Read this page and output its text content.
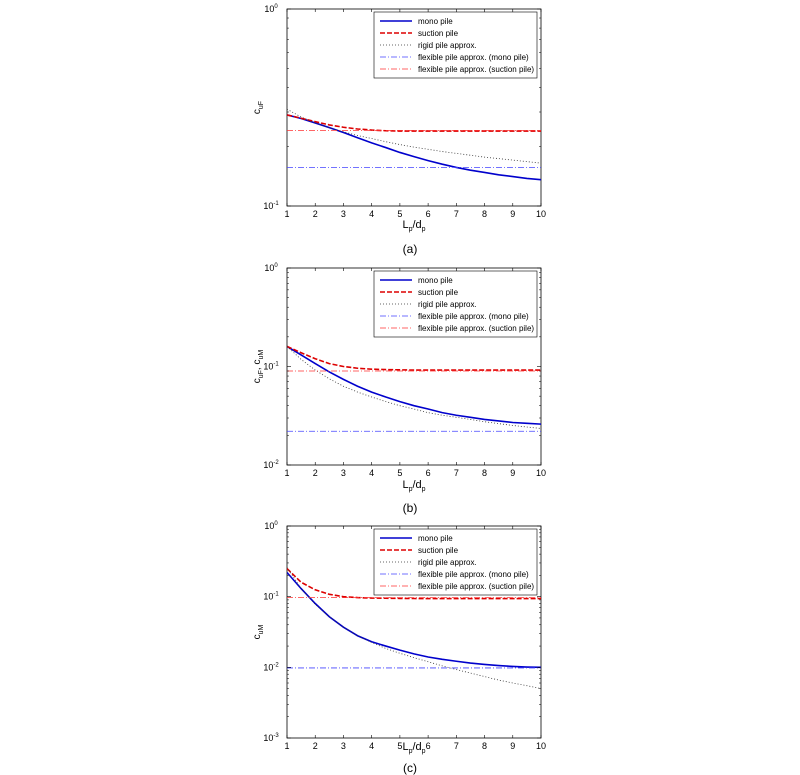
1	2	3	4	5	6	7	8	9 10
$10^{-1}$
$10^0$
$c_{uF}$
$L_p/d_p$
mono pile
suction pile
rigid pile approx.
flexible pile approx. (mono pile)
flexible pile approx. (suction pile)
(a)
1	2	3	4	5	6	7	8	9 10
$10^{-2}$
$10^{-1}$
$10^0$
$c_{uF}$, $c_{uM}$
$L_p/d_p$
mono pile
suction pile
rigid pile approx.
flexible pile approx. (mono pile)
flexible pile approx. (suction pile)
(b)
1	2	3	4	5	6	7	8	9 10
$10^{-3}$
$10^{-2}$
$10^{-1}$
$10^0$
$c_{uM}$
$L_p/d_p$
mono pile
suction pile
rigid pile approx.
flexible pile approx. (mono pile)
flexible pile approx. (suction pile)
(c)
